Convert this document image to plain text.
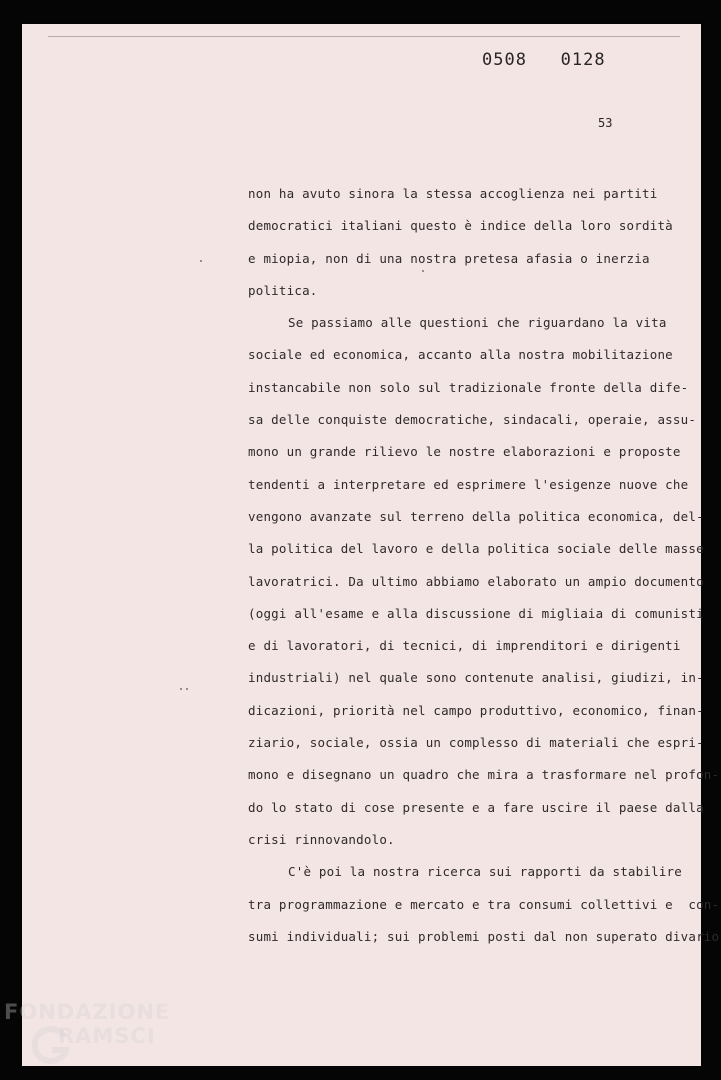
0508   0128
53
non ha avuto sinora la stessa accoglienza nei partiti
democratici italiani questo è indice della loro sordità
e miopia, non di una nostra pretesa afasia o inerzia
politica.
Se passiamo alle questioni che riguardano la vita
sociale ed economica, accanto alla nostra mobilitazione
instancabile non solo sul tradizionale fronte della dife-
sa delle conquiste democratiche, sindacali, operaie, assu-
mono un grande rilievo le nostre elaborazioni e proposte
tendenti a interpretare ed esprimere l'esigenze nuove che
vengono avanzate sul terreno della politica economica, del-
la politica del lavoro e della politica sociale delle masse
lavoratrici. Da ultimo abbiamo elaborato un ampio documento
(oggi all'esame e alla discussione di migliaia di comunisti
e di lavoratori, di tecnici, di imprenditori e dirigenti
industriali) nel quale sono contenute analisi, giudizi, in-
dicazioni, priorità nel campo produttivo, economico, finan-
ziario, sociale, ossia un complesso di materiali che espri-
mono e disegnano un quadro che mira a trasformare nel profon-
do lo stato di cose presente e a fare uscire il paese dalla
crisi rinnovandolo.
C'è poi la nostra ricerca sui rapporti da stabilire
tra programmazione e mercato e tra consumi collettivi e  con-
sumi individuali; sui problemi posti dal non superato divario
FONDAZIONE
RAMSCI
